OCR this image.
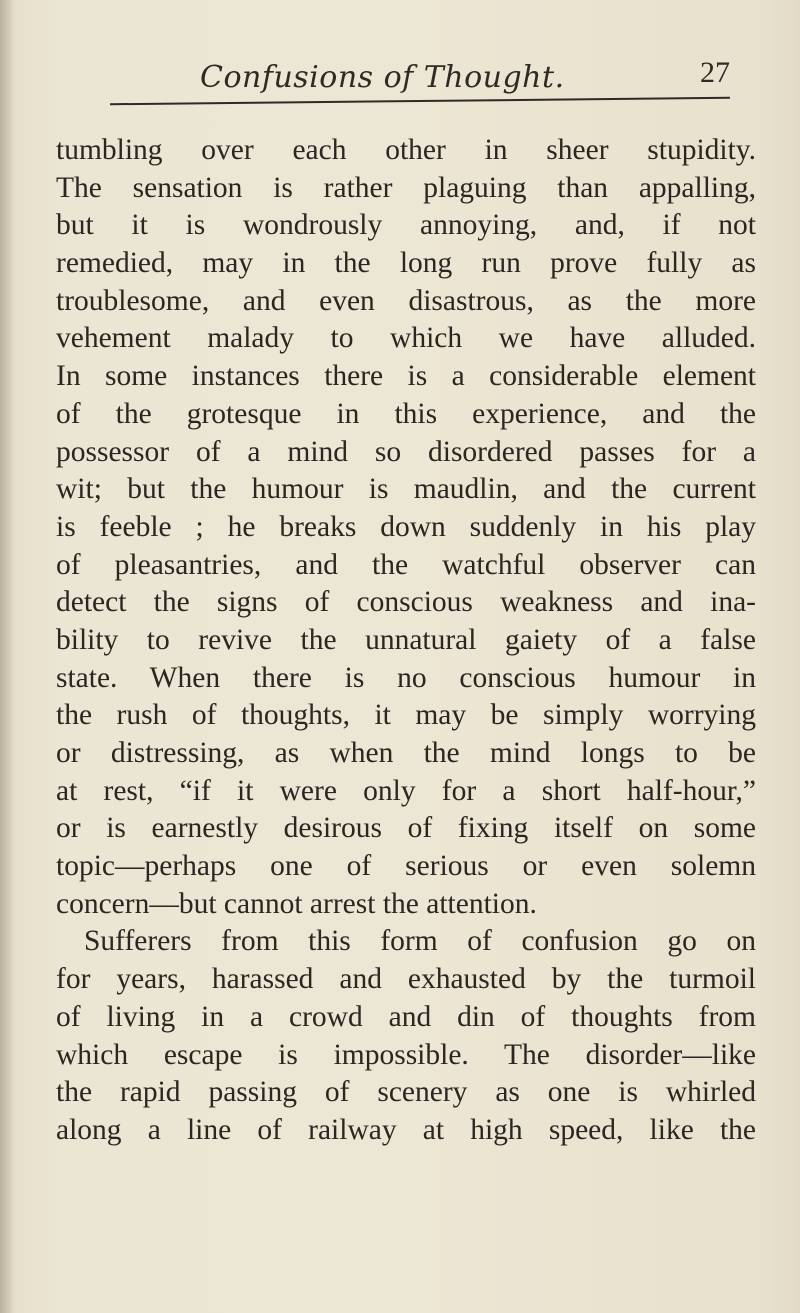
Confusions of Thought.	27
tumbling over each other in sheer stupidity.
The sensation is rather plaguing than appalling,
but it is wondrously annoying, and, if not
remedied, may in the long run prove fully as
troublesome, and even disastrous, as the more
vehement malady to which we have alluded.
In some instances there is a considerable element
of the grotesque in this experience, and the
possessor of a mind so disordered passes for a
wit; but the humour is maudlin, and the current
is feeble ; he breaks down suddenly in his play
of pleasantries, and the watchful observer can
detect the signs of conscious weakness and ina-
bility to revive the unnatural gaiety of a false
state. When there is no conscious humour in
the rush of thoughts, it may be simply worrying
or distressing, as when the mind longs to be
at rest, “if it were only for a short half-hour,”
or is earnestly desirous of fixing itself on some
topic—perhaps one of serious or even solemn
concern—but cannot arrest the attention.
Sufferers from this form of confusion go on
for years, harassed and exhausted by the turmoil
of living in a crowd and din of thoughts from
which escape is impossible. The disorder—like
the rapid passing of scenery as one is whirled
along a line of railway at high speed, like the
